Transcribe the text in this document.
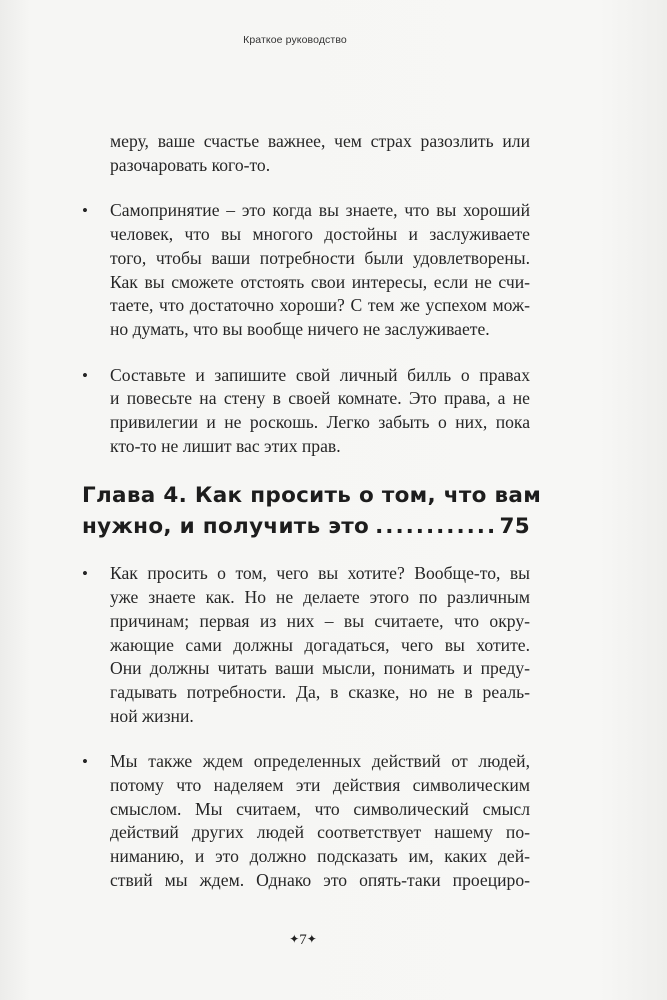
Краткое руководство
меру, ваше счастье важнее, чем страх разозлить или
разочаровать кого-то.
•	Самопринятие – это когда вы знаете, что вы хороший
человек, что вы многого достойны и заслуживаете
того, чтобы ваши потребности были удовлетворены.
Как вы сможете отстоять свои интересы, если не счи-
таете, что достаточно хороши? С тем же успехом мож-
но думать, что вы вообще ничего не заслуживаете.
•	Составьте и запишите свой личный билль о правах
и повесьте на стену в своей комнате. Это права, а не
привилегии и не роскошь. Легко забыть о них, пока
кто-то не лишит вас этих прав.
Глава 4. Как просить о том, что вам
нужно, и получить это
.....	75
•	Как просить о том, чего вы хотите? Вообще-то, вы
уже знаете как. Но не делаете этого по различным
причинам; первая из них – вы считаете, что окру-
жающие сами должны догадаться, чего вы хотите.
Они должны читать ваши мысли, понимать и преду-
гадывать потребности. Да, в сказке, но не в реаль-
ной жизни.
•	Мы также ждем определенных действий от людей,
потому что наделяем эти действия символическим
смыслом. Мы считаем, что символический смысл
действий других людей соответствует нашему по-
ниманию, и это должно подсказать им, каких дей-
ствий мы ждем. Однако это опять-таки проециро-
✦7✦
